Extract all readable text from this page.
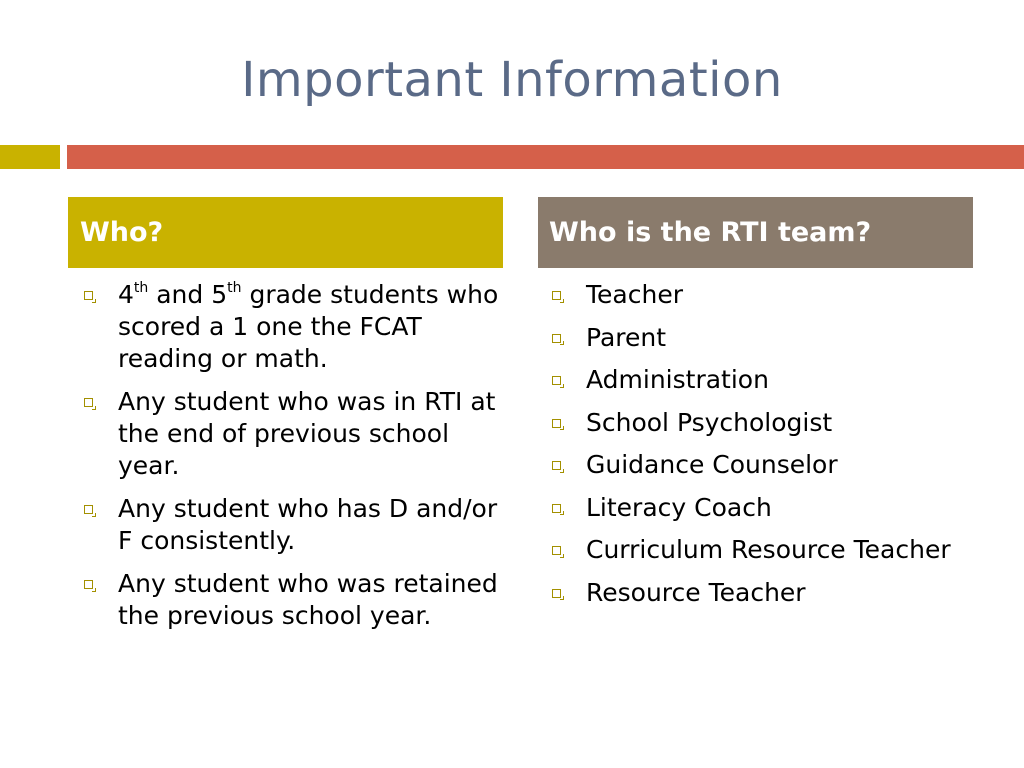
Important Information
Who?	Who is the RTI team?
4th and 5th grade students who scored a 1 one the FCAT reading or math.
Any student who was in RTI at the end of previous school year.
Any student who has D and/or F consistently.
Any student who was retained the previous school year.
Teacher
Parent
Administration
School Psychologist
Guidance Counselor
Literacy Coach
Curriculum Resource Teacher
Resource Teacher
